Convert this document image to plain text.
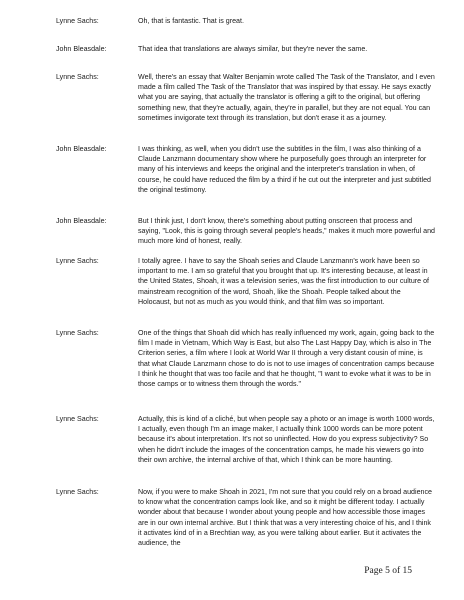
Lynne Sachs:	Oh, that is fantastic. That is great.
John Bleasdale:	That idea that translations are always similar, but they're never the same.
Lynne Sachs:	Well, there's an essay that Walter Benjamin wrote called The Task of the Translator, and I even made a film called The Task of the Translator that was inspired by that essay. He says exactly what you are saying, that actually the translator is offering a gift to the original, but offering something new, that they're actually, again, they're in parallel, but they are not equal. You can sometimes invigorate text through its translation, but don't erase it as a journey.
John Bleasdale:	I was thinking, as well, when you didn't use the subtitles in the film, I was also thinking of a Claude Lanzmann documentary show where he purposefully goes through an interpreter for many of his interviews and keeps the original and the interpreter's translation in when, of course, he could have reduced the film by a third if he cut out the interpreter and just subtitled the original testimony.
John Bleasdale:	But I think just, I don't know, there's something about putting onscreen that process and saying, "Look, this is going through several people's heads," makes it much more powerful and much more kind of honest, really.
Lynne Sachs:	I totally agree. I have to say the Shoah series and Claude Lanzmann's work have been so important to me. I am so grateful that you brought that up. It's interesting because, at least in the United States, Shoah, it was a television series, was the first introduction to our culture of mainstream recognition of the word, Shoah, like the Shoah. People talked about the Holocaust, but not as much as you would think, and that film was so important.
Lynne Sachs:	One of the things that Shoah did which has really influenced my work, again, going back to the film I made in Vietnam, Which Way is East, but also The Last Happy Day, which is also in The Criterion series, a film where I look at World War II through a very distant cousin of mine, is that what Claude Lanzmann chose to do is not to use images of concentration camps because I think he thought that was too facile and that he thought, "I want to evoke what it was to be in those camps or to witness them through the words."
Lynne Sachs:	Actually, this is kind of a cliché, but when people say a photo or an image is worth 1000 words, I actually, even though I'm an image maker, I actually think 1000 words can be more potent because it's about interpretation. It's not so uninflected. How do you express subjectivity? So when he didn't include the images of the concentration camps, he made his viewers go into their own archive, the internal archive of that, which I think can be more haunting.
Lynne Sachs:	Now, if you were to make Shoah in 2021, I'm not sure that you could rely on a broad audience to know what the concentration camps look like, and so it might be different today. I actually wonder about that because I wonder about young people and how accessible those images are in our own internal archive. But I think that was a very interesting choice of his, and I think it activates kind of in a Brechtian way, as you were talking about earlier. But it activates the audience, the
Page 5 of 15
